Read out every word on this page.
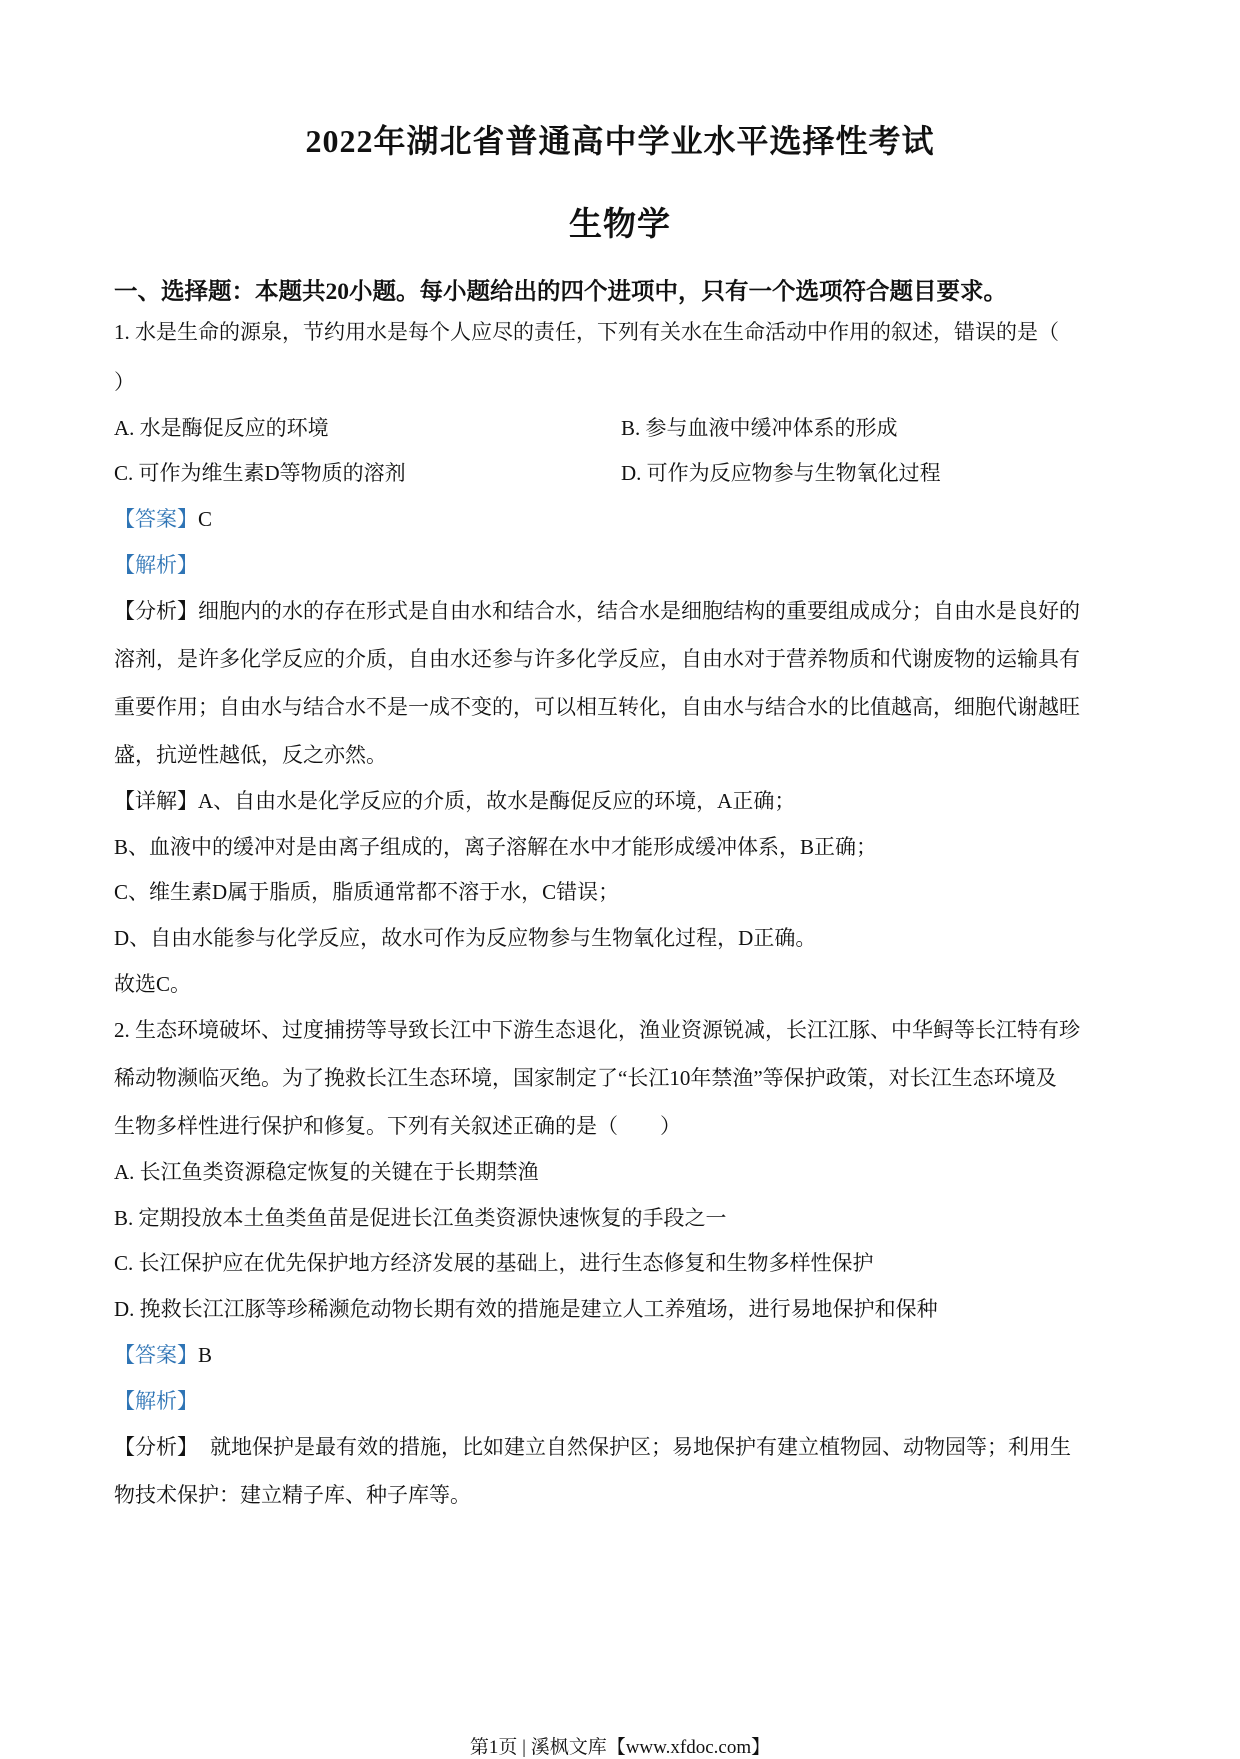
2022年湖北省普通高中学业水平选择性考试
生物学
一、选择题：本题共20小题。每小题给出的四个进项中，只有一个选项符合题目要求。
1. 水是生命的源泉，节约用水是每个人应尽的责任，下列有关水在生命活动中作用的叙述，错误的是（
）
A. 水是酶促反应的环境	B. 参与血液中缓冲体系的形成
C. 可作为维生素D等物质的溶剂	D. 可作为反应物参与生物氧化过程
【答案】C
【解析】
【分析】细胞内的水的存在形式是自由水和结合水，结合水是细胞结构的重要组成成分；自由水是良好的
溶剂，是许多化学反应的介质，自由水还参与许多化学反应，自由水对于营养物质和代谢废物的运输具有
重要作用；自由水与结合水不是一成不变的，可以相互转化，自由水与结合水的比值越高，细胞代谢越旺
盛，抗逆性越低，反之亦然。
【详解】A、自由水是化学反应的介质，故水是酶促反应的环境，A正确；
B、血液中的缓冲对是由离子组成的，离子溶解在水中才能形成缓冲体系，B正确；
C、维生素D属于脂质，脂质通常都不溶于水，C错误；
D、自由水能参与化学反应，故水可作为反应物参与生物氧化过程，D正确。
故选C。
2. 生态环境破坏、过度捕捞等导致长江中下游生态退化，渔业资源锐减，长江江豚、中华鲟等长江特有珍
稀动物濒临灭绝。为了挽救长江生态环境，国家制定了“长江10年禁渔”等保护政策，对长江生态环境及
生物多样性进行保护和修复。下列有关叙述正确的是（　　）
A. 长江鱼类资源稳定恢复的关键在于长期禁渔
B. 定期投放本土鱼类鱼苗是促进长江鱼类资源快速恢复的手段之一
C. 长江保护应在优先保护地方经济发展的基础上，进行生态修复和生物多样性保护
D. 挽救长江江豚等珍稀濒危动物长期有效的措施是建立人工养殖场，进行易地保护和保种
【答案】B
【解析】
【分析】 就地保护是最有效的措施，比如建立自然保护区；易地保护有建立植物园、动物园等；利用生
物技术保护：建立精子库、种子库等。
第1页 | 溪枫文库【www.xfdoc.com】
